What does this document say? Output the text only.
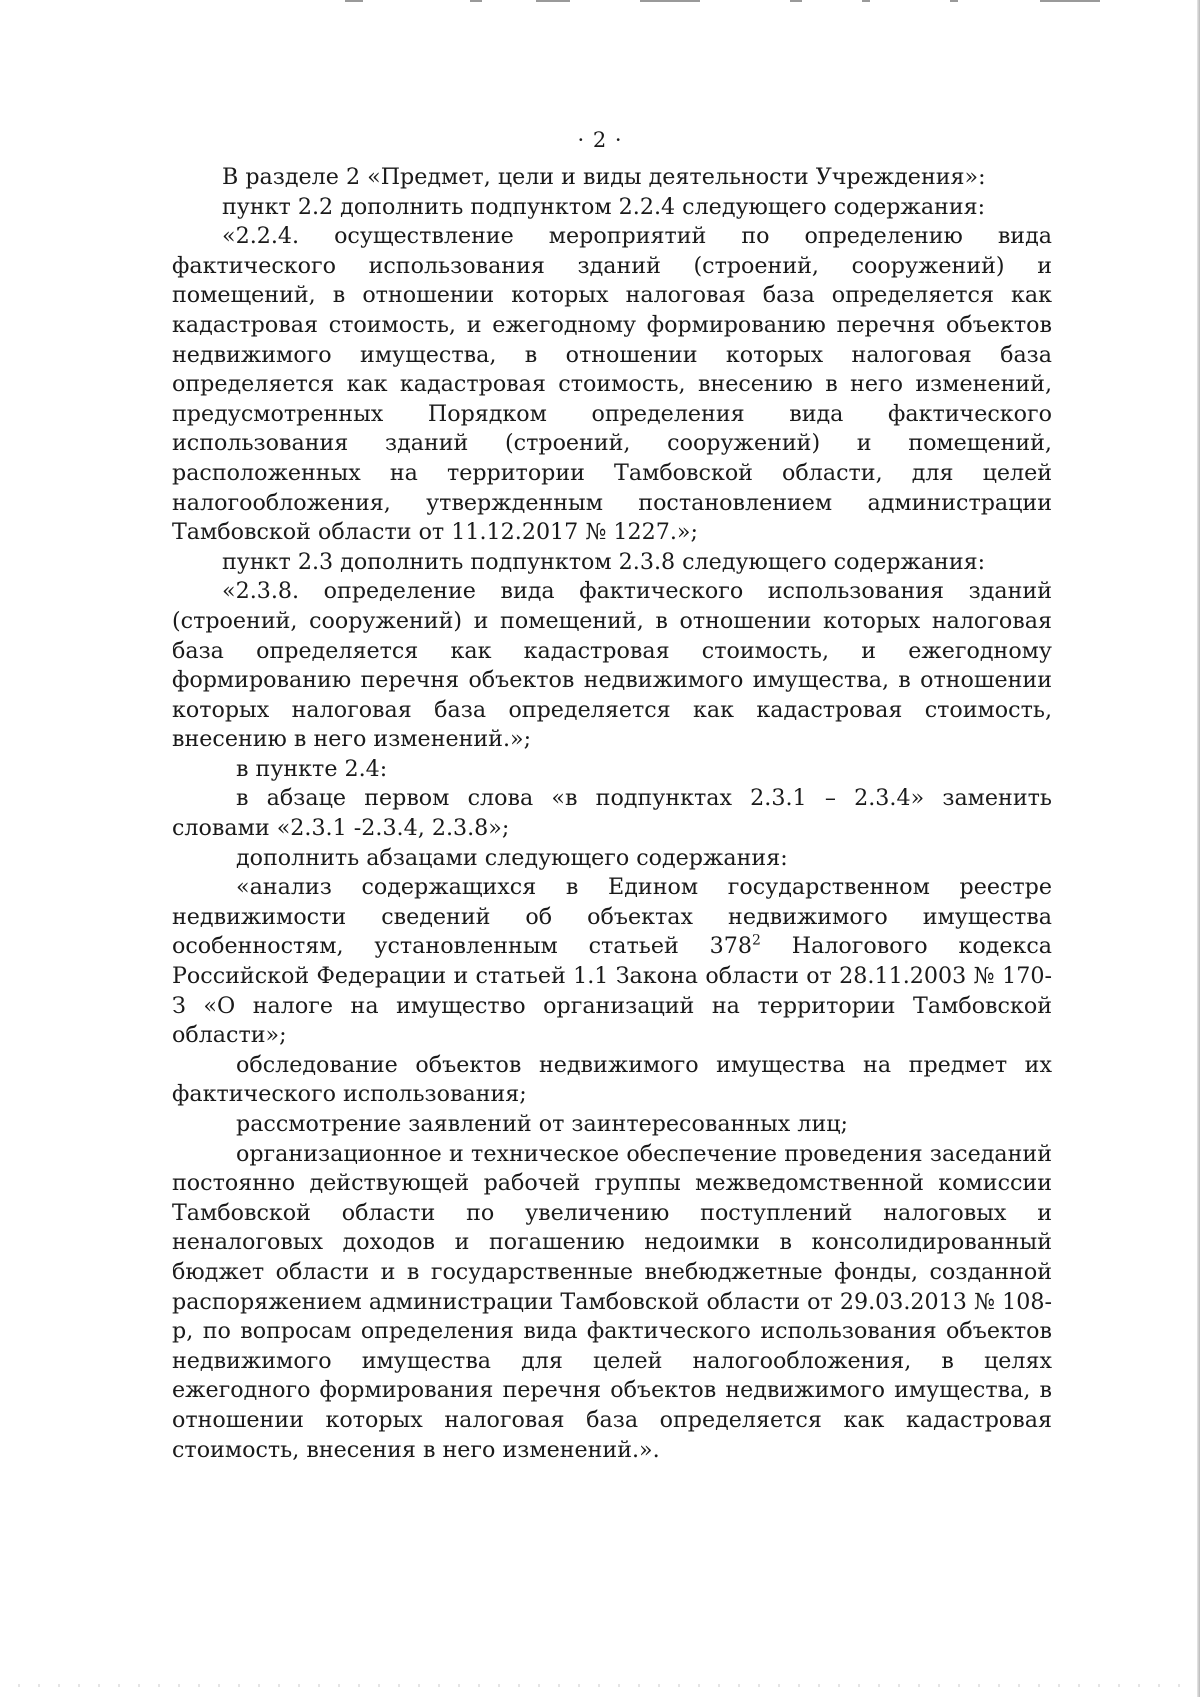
· 2 ·

В разделе 2 «Предмет, цели и виды деятельности Учреждения»:

пункт 2.2 дополнить подпунктом 2.2.4 следующего содержания:

«2.2.4. осуществление мероприятий по определению вида фактического использования зданий (строений, сооружений) и помещений, в отношении которых налоговая база определяется как кадастровая стоимость, и ежегодному формированию перечня объектов недвижимого имущества, в отношении которых налоговая база определяется как кадастровая стоимость, внесению в него изменений, предусмотренных Порядком определения вида фактического использования зданий (строений, сооружений) и помещений, расположенных на территории Тамбовской области, для целей налогообложения, утвержденным постановлением администрации Тамбовской области от 11.12.2017 № 1227.»;

пункт 2.3 дополнить подпунктом 2.3.8 следующего содержания:

«2.3.8. определение вида фактического использования зданий (строений, сооружений) и помещений, в отношении которых налоговая база определяется как кадастровая стоимость, и ежегодному формированию перечня объектов недвижимого имущества, в отношении которых налоговая база определяется как кадастровая стоимость, внесению в него изменений.»;

в пункте 2.4:

в абзаце первом слова «в подпунктах 2.3.1 – 2.3.4» заменить словами «2.3.1 -2.3.4, 2.3.8»;

дополнить абзацами следующего содержания:

«анализ содержащихся в Едином государственном реестре недвижимости сведений об объектах недвижимого имущества особенностям, установленным статьей $378^2$ Налогового кодекса Российской Федерации и статьей 1.1 Закона области от 28.11.2003 № 170-З «О налоге на имущество организаций на территории Тамбовской области»;

обследование объектов недвижимого имущества на предмет их фактического использования;

рассмотрение заявлений от заинтересованных лиц;

организационное и техническое обеспечение проведения заседаний постоянно действующей рабочей группы межведомственной комиссии Тамбовской области по увеличению поступлений налоговых и неналоговых доходов и погашению недоимки в консолидированный бюджет области и в государственные внебюджетные фонды, созданной распоряжением администрации Тамбовской области от 29.03.2013 № 108-р, по вопросам определения вида фактического использования объектов недвижимого имущества для целей налогообложения, в целях ежегодного формирования перечня объектов недвижимого имущества, в отношении которых налоговая база определяется как кадастровая стоимость, внесения в него изменений.».
